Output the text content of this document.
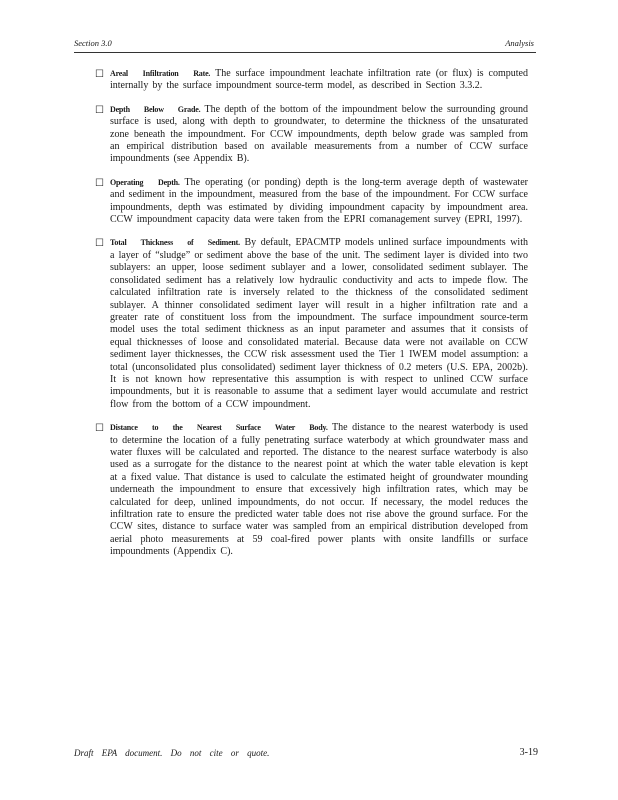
Section 3.0	Analysis
☐ Areal Infiltration Rate. The surface impoundment leachate infiltration rate (or flux) is computed internally by the surface impoundment source-term model, as described in Section 3.3.2.

☐ Depth Below Grade. The depth of the bottom of the impoundment below the surrounding ground surface is used, along with depth to groundwater, to determine the thickness of the unsaturated zone beneath the impoundment. For CCW impoundments, depth below grade was sampled from an empirical distribution based on available measurements from a number of CCW surface impoundments (see Appendix B).

☐ Operating Depth. The operating (or ponding) depth is the long-term average depth of wastewater and sediment in the impoundment, measured from the base of the impoundment. For CCW surface impoundments, depth was estimated by dividing impoundment capacity by impoundment area. CCW impoundment capacity data were taken from the EPRI comanagement survey (EPRI, 1997).

☐ Total Thickness of Sediment. By default, EPACMTP models unlined surface impoundments with a layer of “sludge” or sediment above the base of the unit. The sediment layer is divided into two sublayers: an upper, loose sediment sublayer and a lower, consolidated sediment sublayer. The consolidated sediment has a relatively low hydraulic conductivity and acts to impede flow. The calculated infiltration rate is inversely related to the thickness of the consolidated sediment sublayer. A thinner consolidated sediment layer will result in a higher infiltration rate and a greater rate of constituent loss from the impoundment. The surface impoundment source-term model uses the total sediment thickness as an input parameter and assumes that it consists of equal thicknesses of loose and consolidated material. Because data were not available on CCW sediment layer thicknesses, the CCW risk assessment used the Tier 1 IWEM model assumption: a total (unconsolidated plus consolidated) sediment layer thickness of 0.2 meters (U.S. EPA, 2002b). It is not known how representative this assumption is with respect to unlined CCW surface impoundments, but it is reasonable to assume that a sediment layer would accumulate and restrict flow from the bottom of a CCW impoundment.

☐ Distance to the Nearest Surface Water Body. The distance to the nearest waterbody is used to determine the location of a fully penetrating surface waterbody at which groundwater mass and water fluxes will be calculated and reported. The distance to the nearest surface waterbody is also used as a surrogate for the distance to the nearest point at which the water table elevation is kept at a fixed value. That distance is used to calculate the estimated height of groundwater mounding underneath the impoundment to ensure that excessively high infiltration rates, which may be calculated for deep, unlined impoundments, do not occur. If necessary, the model reduces the infiltration rate to ensure the predicted water table does not rise above the ground surface. For the CCW sites, distance to surface water was sampled from an empirical distribution developed from aerial photo measurements at 59 coal-fired power plants with onsite landfills or surface impoundments (Appendix C).

Draft EPA document. Do not cite or quote.	3-19
